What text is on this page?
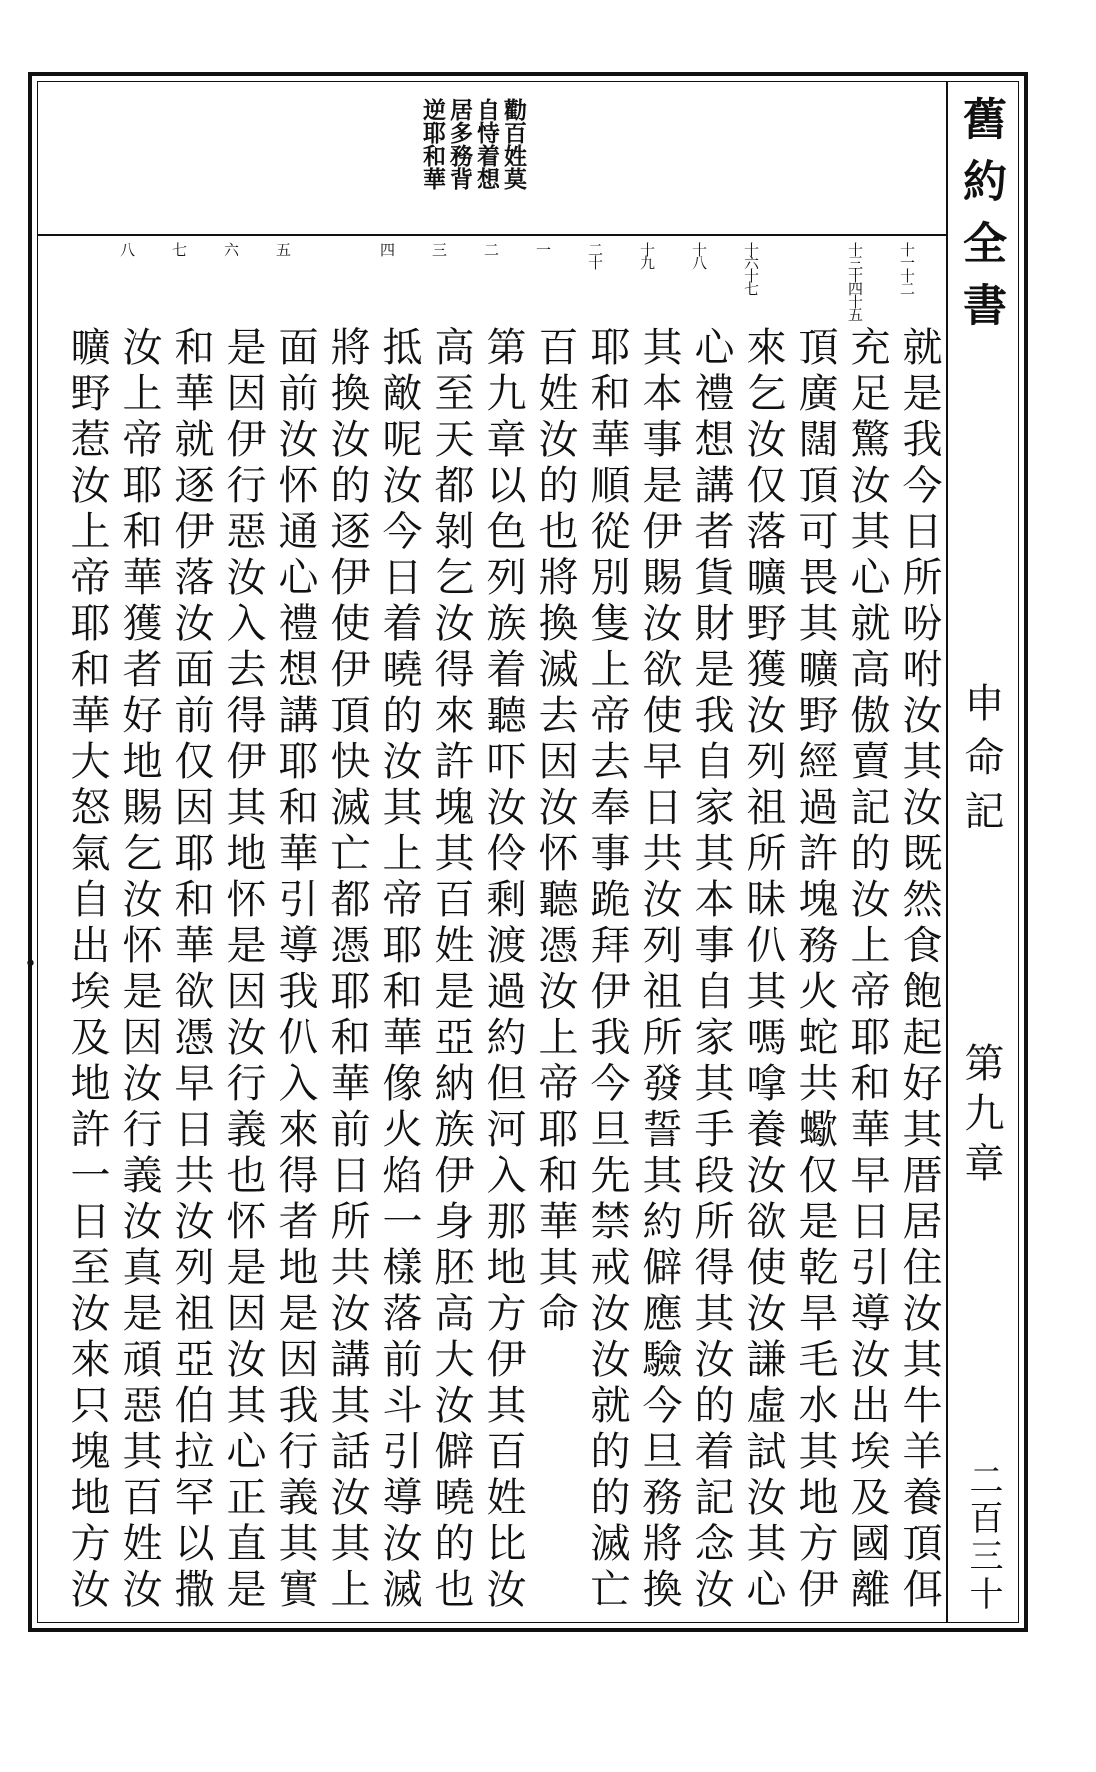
舊約全書
申命記
第九章
二百三十
勸百姓莫
自恃着想
居多務背
逆耶和華
十一十二
十三十四十五
十六十七
十八
十九
二十
一
二
三
四
五
六
七
八
就是我今日所吩咐汝其汝既然食飽起好其厝居住汝其牛羊養頂佴
充足驚汝其心就高傲賣記的汝上帝耶和華早日引導汝出埃及國離
頂廣闊頂可畏其曠野經過許塊務火蛇共蠍仅是乾旱毛水其地方伊
來乞汝仅落曠野獲汝列祖所昧仈其嗎嗱養汝欲使汝謙虛試汝其心
心禮想講者貨財是我自家其本事自家其手段所得其汝的着記念汝
其本事是伊賜汝欲使早日共汝列祖所發誓其約僻應驗今旦務將換
耶和華順從別隻上帝去奉事跪拜伊我今旦先禁戒汝汝就的的滅亡
百姓汝的也將換滅去因汝怀聽憑汝上帝耶和華其命
第九章以色列族着聽吓汝伶剩渡過約但河入那地方伊其百姓比汝
高至天都剝乞汝得來許塊其百姓是亞納族伊身胚高大汝僻曉的也
抵敵呢汝今日着曉的汝其上帝耶和華像火焰一樣落前斗引導汝滅
將換汝的逐伊使伊頂快滅亡都憑耶和華前日所共汝講其話汝其上
面前汝怀通心禮想講耶和華引導我仈入來得者地是因我行義其實
是因伊行惡汝入去得伊其地怀是因汝行義也怀是因汝其心正直是
和華就逐伊落汝面前仅因耶和華欲憑早日共汝列祖亞伯拉罕以撒
汝上帝耶和華獲者好地賜乞汝怀是因汝行義汝真是頑惡其百姓汝
曠野惹汝上帝耶和華大怒氣自出埃及地許一日至汝來只塊地方汝
•
